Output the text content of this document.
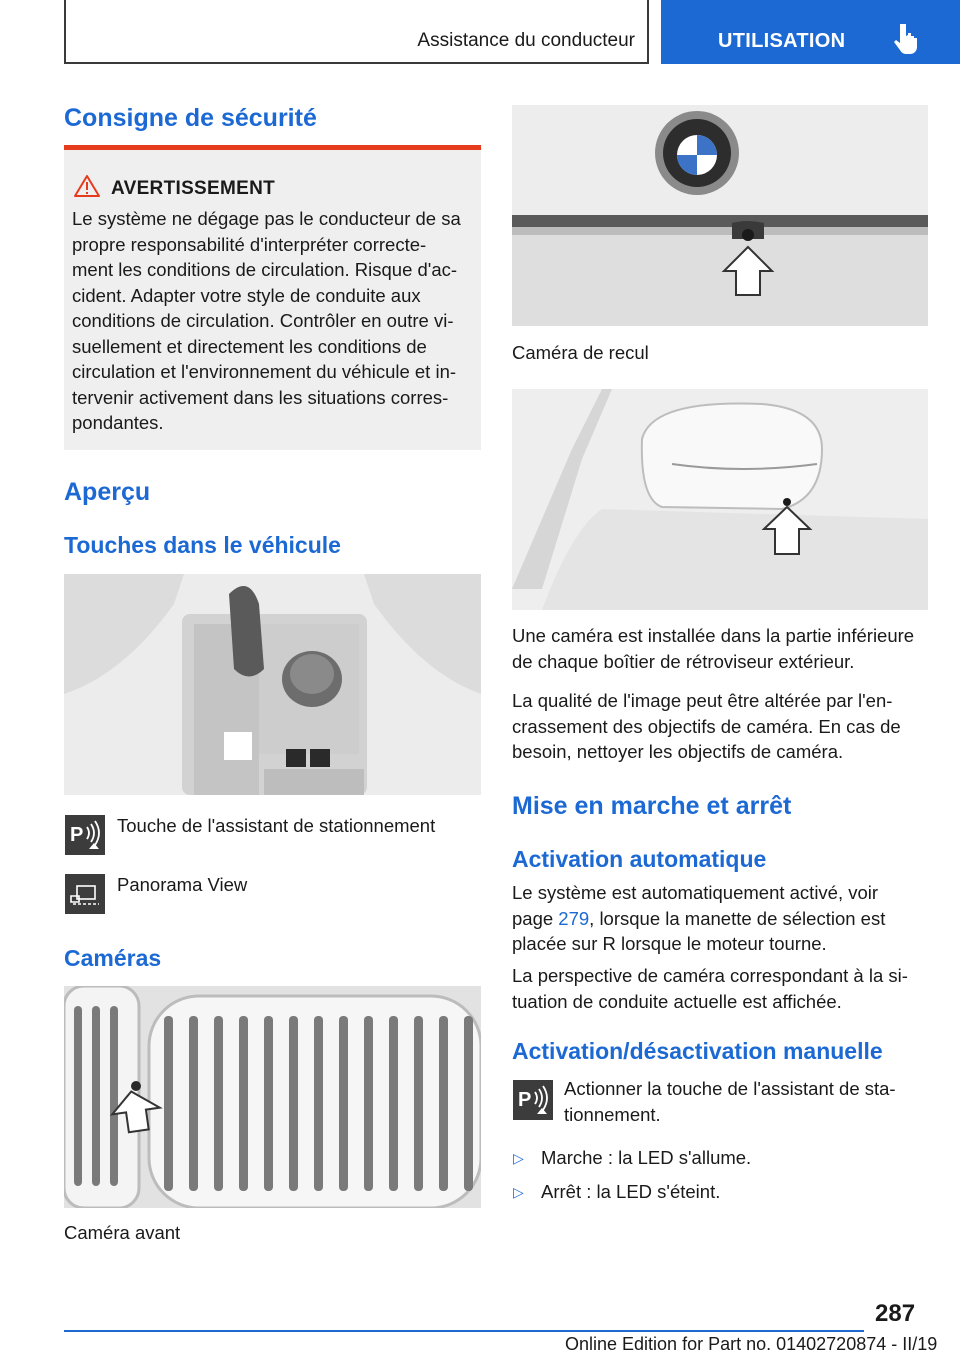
Assistance du conducteur	UTILISATION
Consigne de sécurité
AVERTISSEMENT
Le système ne dégage pas le conducteur de sa
propre responsabilité d'interpréter correcte-
ment les conditions de circulation. Risque d'ac-
cident. Adapter votre style de conduite aux
conditions de circulation. Contrôler en outre vi-
suellement et directement les conditions de
circulation et l'environnement du véhicule et in-
tervenir activement dans les situations corres-
pondantes.
Aperçu
Touches dans le véhicule
P Touche de l'assistant de stationnement
Panorama View
Caméras
Caméra avant
Caméra de recul
Une caméra est installée dans la partie inférieure
de chaque boîtier de rétroviseur extérieur.
La qualité de l'image peut être altérée par l'en-
crassement des objectifs de caméra. En cas de
besoin, nettoyer les objectifs de caméra.
Mise en marche et arrêt
Activation automatique
Le système est automatiquement activé, voir
page 279, lorsque la manette de sélection est
placée sur R lorsque le moteur tourne.
La perspective de caméra correspondant à la si-
tuation de conduite actuelle est affichée.
Activation/désactivation manuelle
P
Actionner la touche de l'assistant de sta-
tionnement.
▷ Marche : la LED s'allume.
▷ Arrêt : la LED s'éteint.
287
Online Edition for Part no. 01402720874 - II/19
